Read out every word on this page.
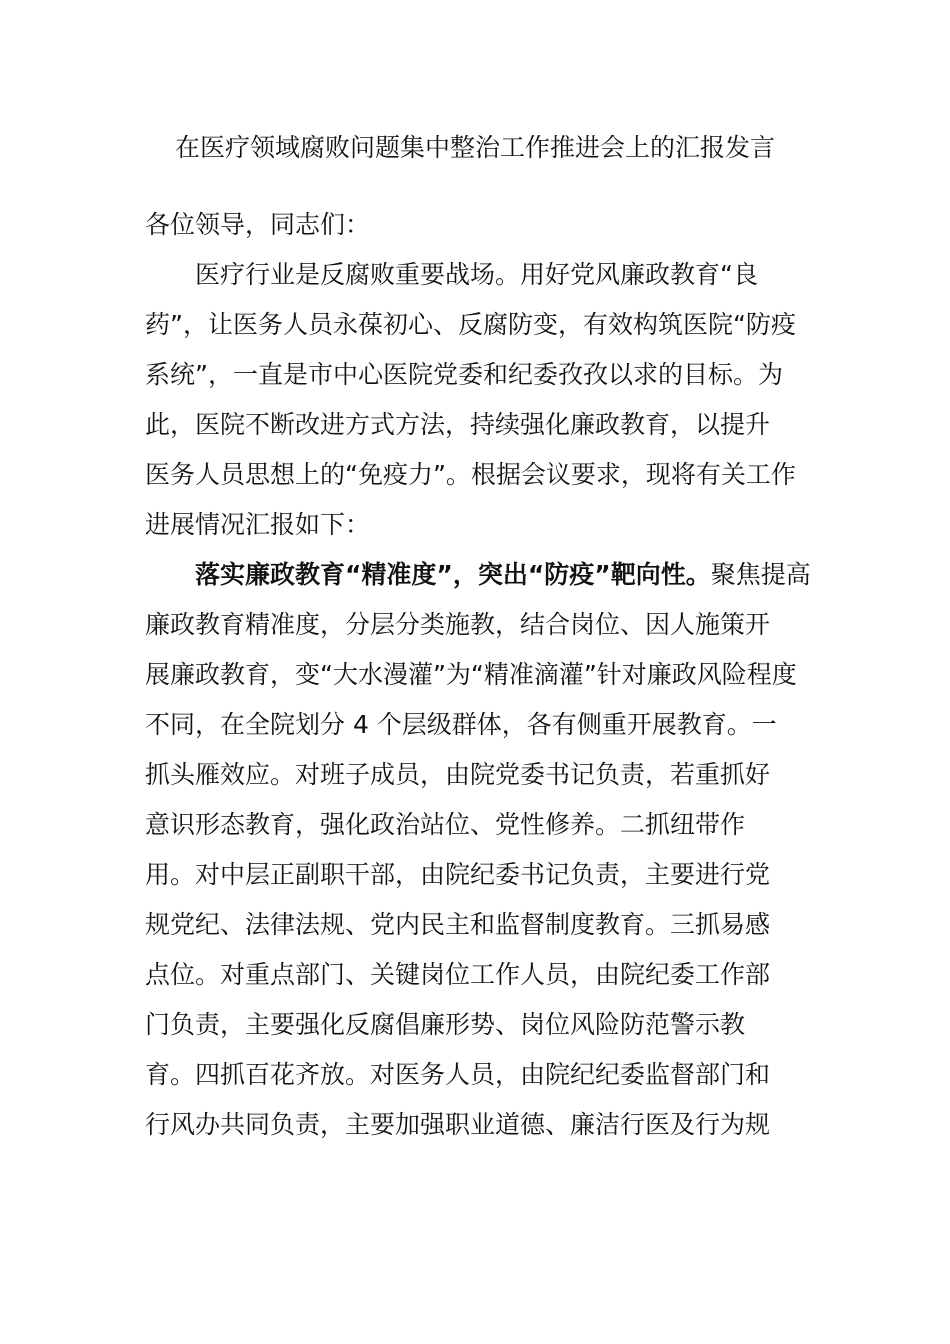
在医疗领域腐败问题集中整治工作推进会上的汇报发言
各位领导，同志们：
医疗行业是反腐败重要战场。用好党风廉政教育“良
药”，让医务人员永葆初心、反腐防变，有效构筑医院“防疫
系统”，一直是市中心医院党委和纪委孜孜以求的目标。为
此，医院不断改进方式方法，持续强化廉政教育，以提升
医务人员思想上的“免疫力”。根据会议要求，现将有关工作
进展情况汇报如下：
落实廉政教育“精准度”，突出“防疫”靶向性。聚焦提高
廉政教育精准度，分层分类施教，结合岗位、因人施策开
展廉政教育，变“大水漫灌”为“精准滴灌”针对廉政风险程度
不同，在全院划分 4 个层级群体，各有侧重开展教育。一
抓头雁效应。对班子成员，由院党委书记负责，若重抓好
意识形态教育，强化政治站位、党性修养。二抓纽带作
用。对中层正副职干部，由院纪委书记负责，主要进行党
规党纪、法律法规、党内民主和监督制度教育。三抓易感
点位。对重点部门、关键岗位工作人员，由院纪委工作部
门负责，主要强化反腐倡廉形势、岗位风险防范警示教
育。四抓百花齐放。对医务人员，由院纪纪委监督部门和
行风办共同负责，主要加强职业道德、廉洁行医及行为规
